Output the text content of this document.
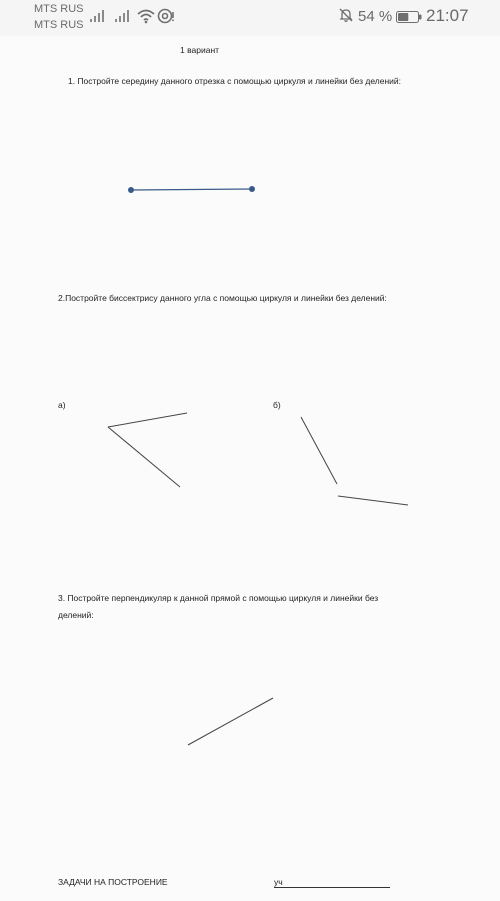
MTS RUS
MTS RUS	54 % 21:07
1 вариант
1. Постройте середину данного отрезка с помощью циркуля и линейки без делений:
2.Постройте биссектрису данного угла с помощью циркуля и линейки без делений:
а)	б)
3. Постройте перпендикуляр к данной прямой с помощью циркуля и линейки без
делений:
ЗАДАЧИ НА ПОСТРОЕНИЕ	уч
